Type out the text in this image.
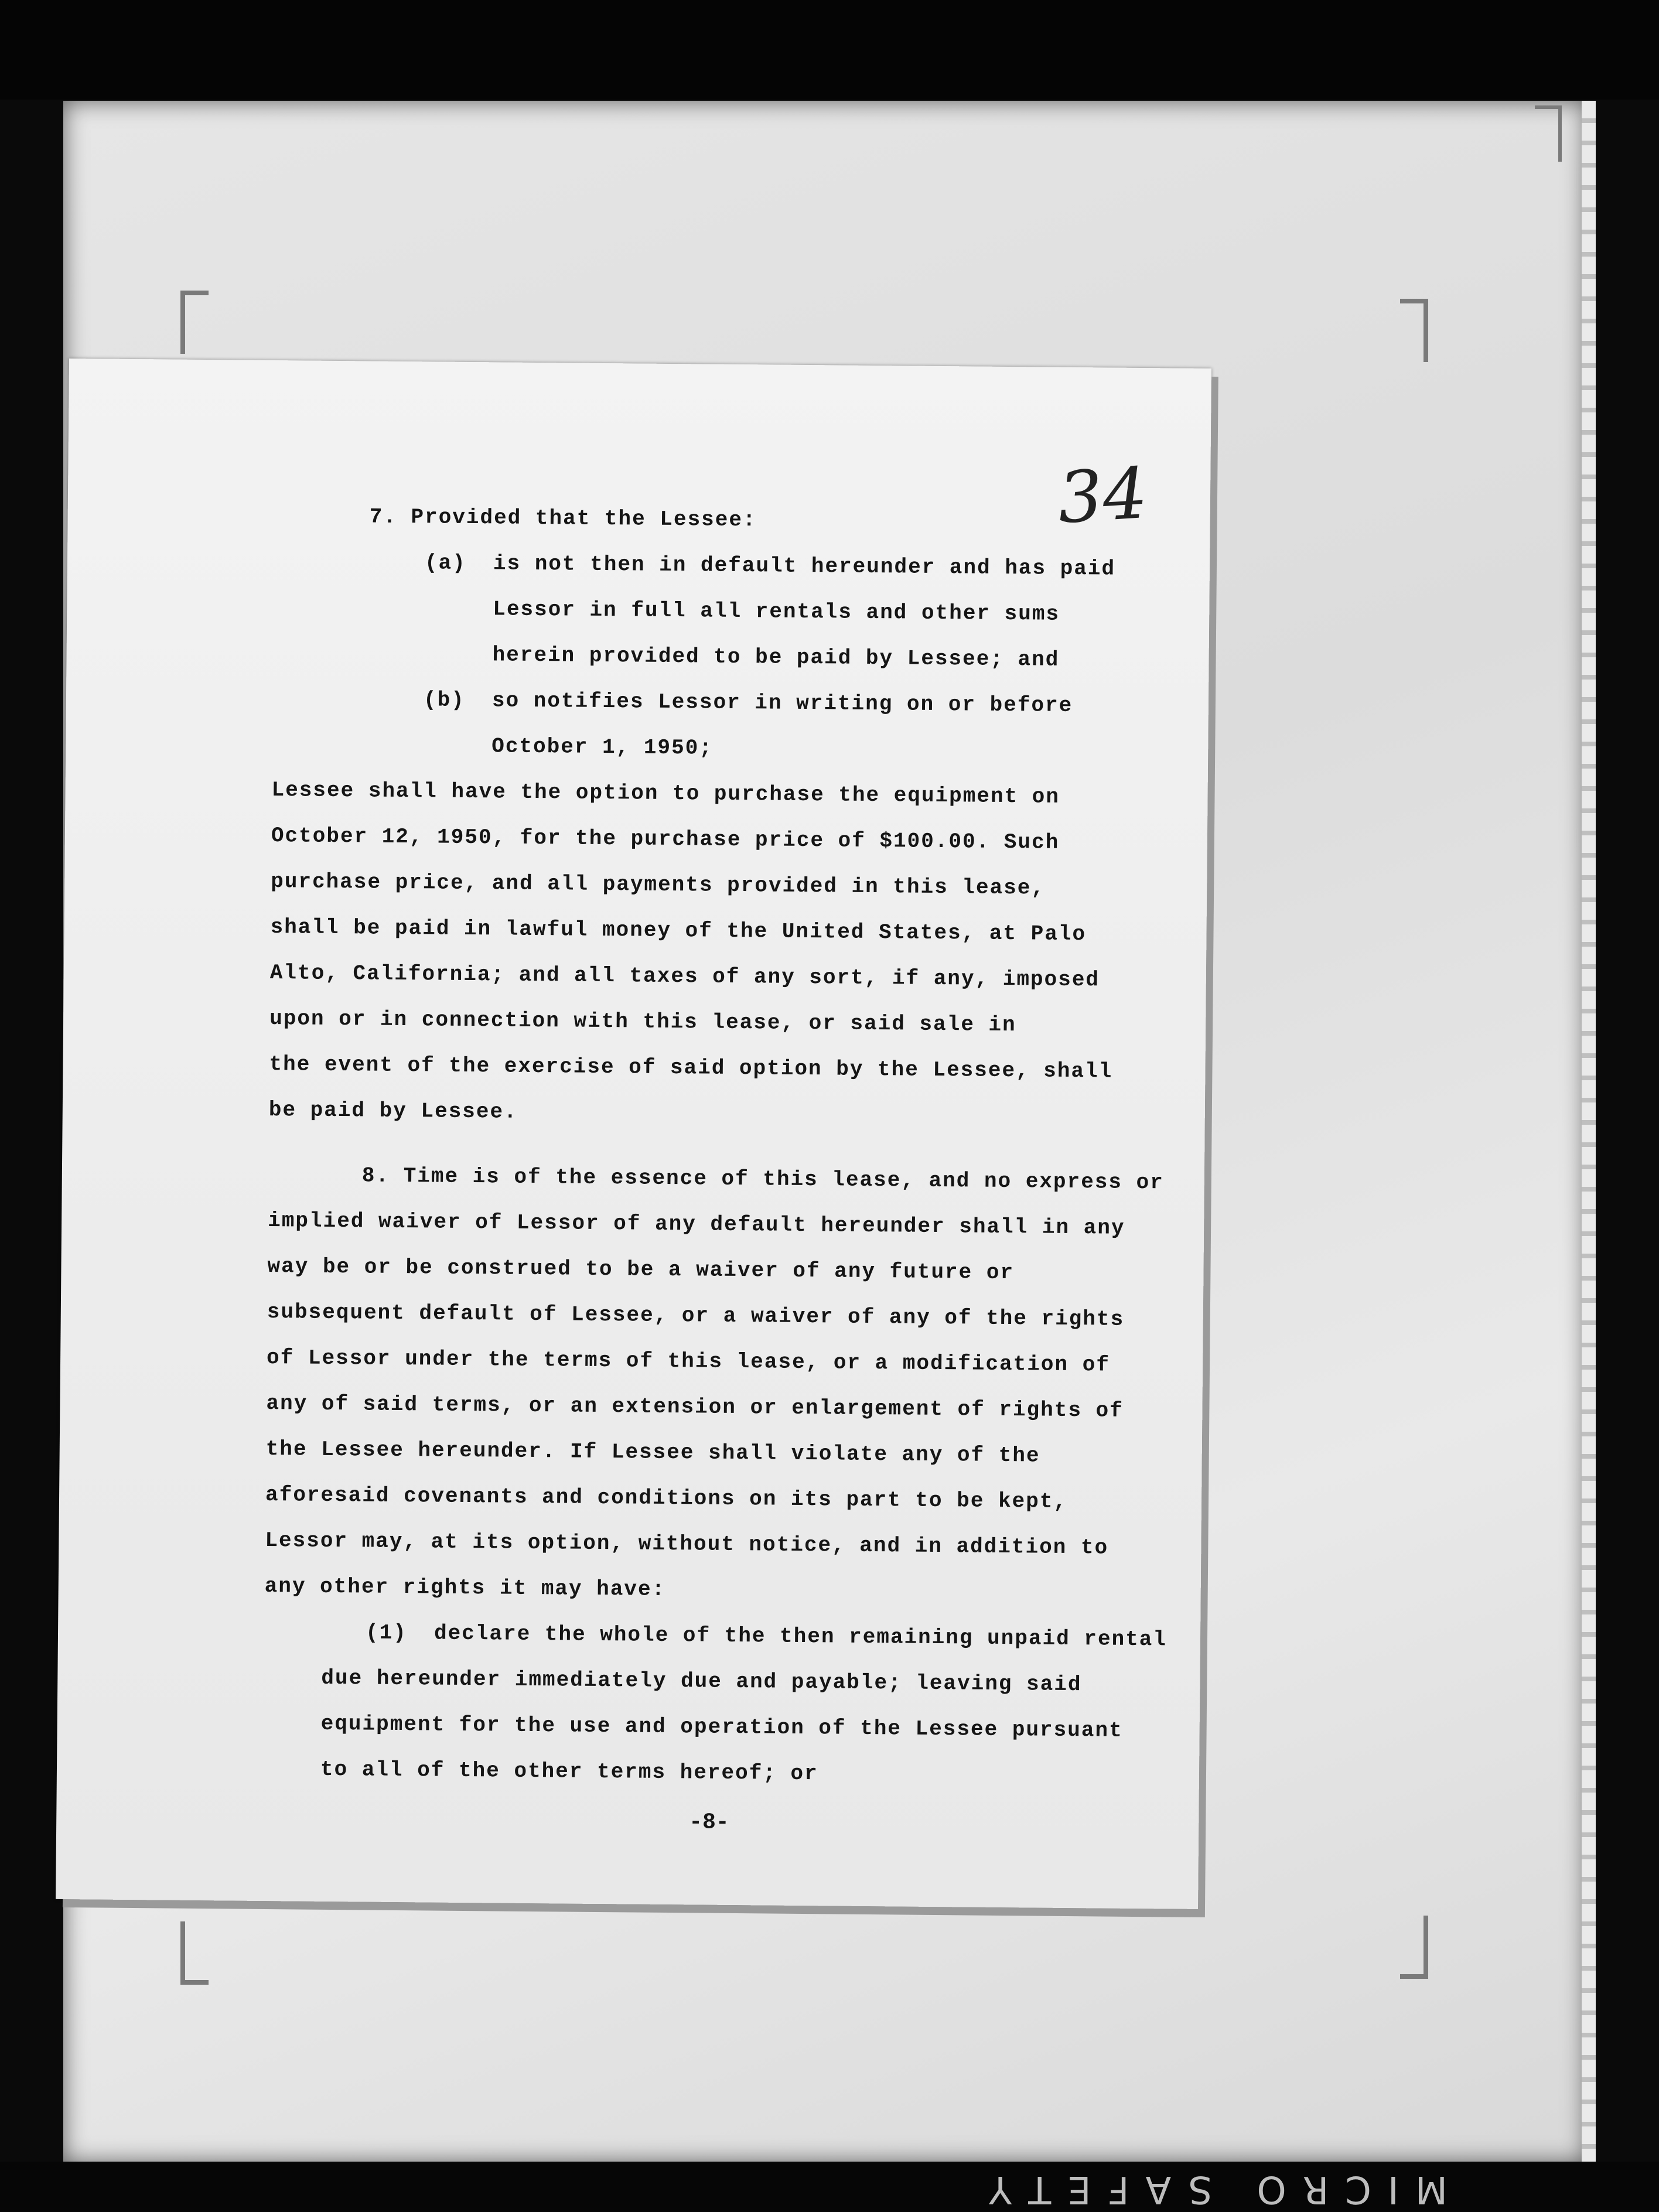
34
7. Provided that the Lessee:
(a) is not then in default hereunder and has paid
Lessor in full all rentals and other sums
herein provided to be paid by Lessee; and
(b) so notifies Lessor in writing on or before
October 1, 1950;
Lessee shall have the option to purchase the equipment on
October 12, 1950, for the purchase price of $100.00. Such
purchase price, and all payments provided in this lease,
shall be paid in lawful money of the United States, at Palo
Alto, California; and all taxes of any sort, if any, imposed
upon or in connection with this lease, or said sale in
the event of the exercise of said option by the Lessee, shall
be paid by Lessee.
8. Time is of the essence of this lease, and no express or
implied waiver of Lessor of any default hereunder shall in any
way be or be construed to be a waiver of any future or
subsequent default of Lessee, or a waiver of any of the rights
of Lessor under the terms of this lease, or a modification of
any of said terms, or an extension or enlargement of rights of
the Lessee hereunder. If Lessee shall violate any of the
aforesaid covenants and conditions on its part to be kept,
Lessor may, at its option, without notice, and in addition to
any other rights it may have:
(1) declare the whole of the then remaining unpaid rental
due hereunder immediately due and payable; leaving said
equipment for the use and operation of the Lessee pursuant
to all of the other terms hereof; or
-8-
MICRO SAFETY
